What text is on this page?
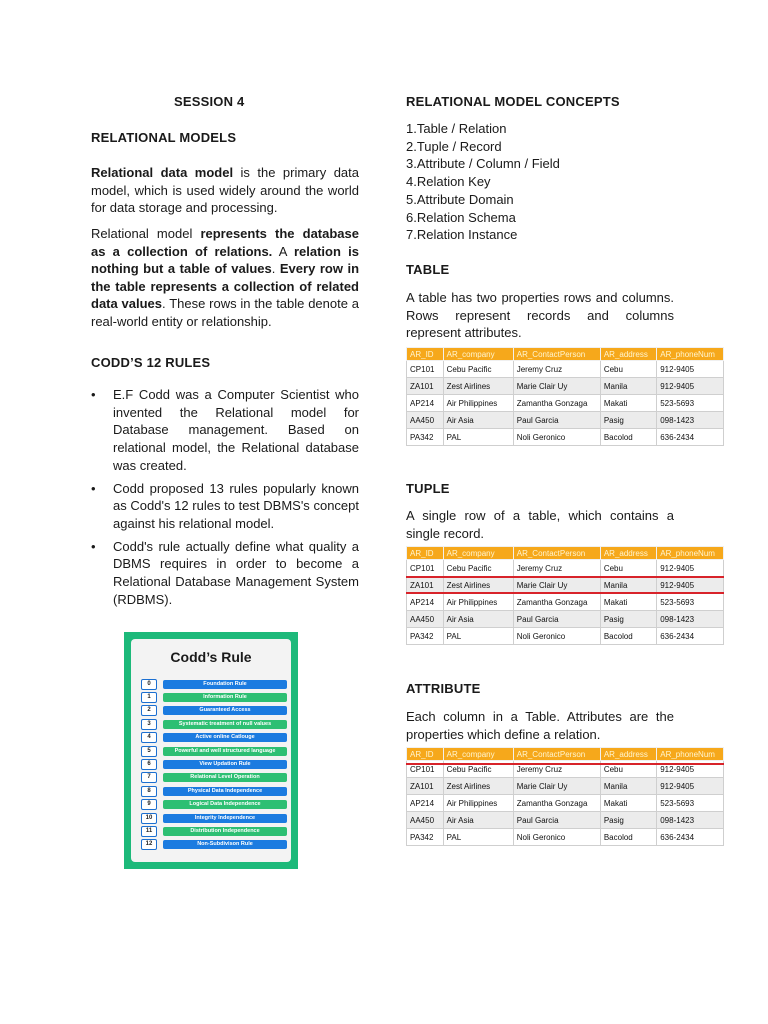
SESSION 4
RELATIONAL MODELS
Relational data model is the primary data model, which is used widely around the world for data storage and processing.
Relational model represents the database as a collection of relations. A relation is nothing but a table of values. Every row in the table represents a collection of related data values. These rows in the table denote a real-world entity or relationship.
CODD’S 12 RULES
• E.F Codd was a Computer Scientist who invented the Relational model for Database management. Based on relational model, the Relational database was created.
• Codd proposed 13 rules popularly known as Codd's 12 rules to test DBMS's concept against his relational model.
• Codd's rule actually define what quality a DBMS requires in order to become a Relational Database Management System (RDBMS).
Codd’s Rule
0	Foundation Rule
1	Information Rule
2	Guaranteed Access
3	Systematic treatment of null values
4	Active online Catlouge
5	Powerful and well structured language
6	View Updation Rule
7	Relational Level Operation
8	Physical Data Independence
9	Logical Data Independence
10	Integrity Independence
11	Distribution Independence
12	Non-Subdivison Rule
RELATIONAL MODEL CONCEPTS
1.Table / Relation
2.Tuple / Record
3.Attribute / Column / Field
4.Relation Key
5.Attribute Domain
6.Relation Schema
7.Relation Instance
TABLE
A table has two properties rows and columns. Rows represent records and columns represent attributes.
AR_ID	AR_company	AR_ContactPerson	AR_address	AR_phoneNum
CP101	Cebu Pacific	Jeremy Cruz	Cebu	912-9405
ZA101	Zest Airlines	Marie Clair Uy	Manila	912-9405
AP214	Air Philippines	Zamantha Gonzaga	Makati	523-5693
AA450	Air Asia	Paul Garcia	Pasig	098-1423
PA342	PAL	Noli Geronico	Bacolod	636-2434
TUPLE
A single row of a table, which contains a single record.
AR_ID	AR_company	AR_ContactPerson	AR_address	AR_phoneNum
CP101	Cebu Pacific	Jeremy Cruz	Cebu	912-9405
ZA101	Zest Airlines	Marie Clair Uy	Manila	912-9405
AP214	Air Philippines	Zamantha Gonzaga	Makati	523-5693
AA450	Air Asia	Paul Garcia	Pasig	098-1423
PA342	PAL	Noli Geronico	Bacolod	636-2434
ATTRIBUTE
Each column in a Table. Attributes are the properties which define a relation.
AR_ID	AR_company	AR_ContactPerson	AR_address	AR_phoneNum
CP101	Cebu Pacific	Jeremy Cruz	Cebu	912-9405
ZA101	Zest Airlines	Marie Clair Uy	Manila	912-9405
AP214	Air Philippines	Zamantha Gonzaga	Makati	523-5693
AA450	Air Asia	Paul Garcia	Pasig	098-1423
PA342	PAL	Noli Geronico	Bacolod	636-2434
